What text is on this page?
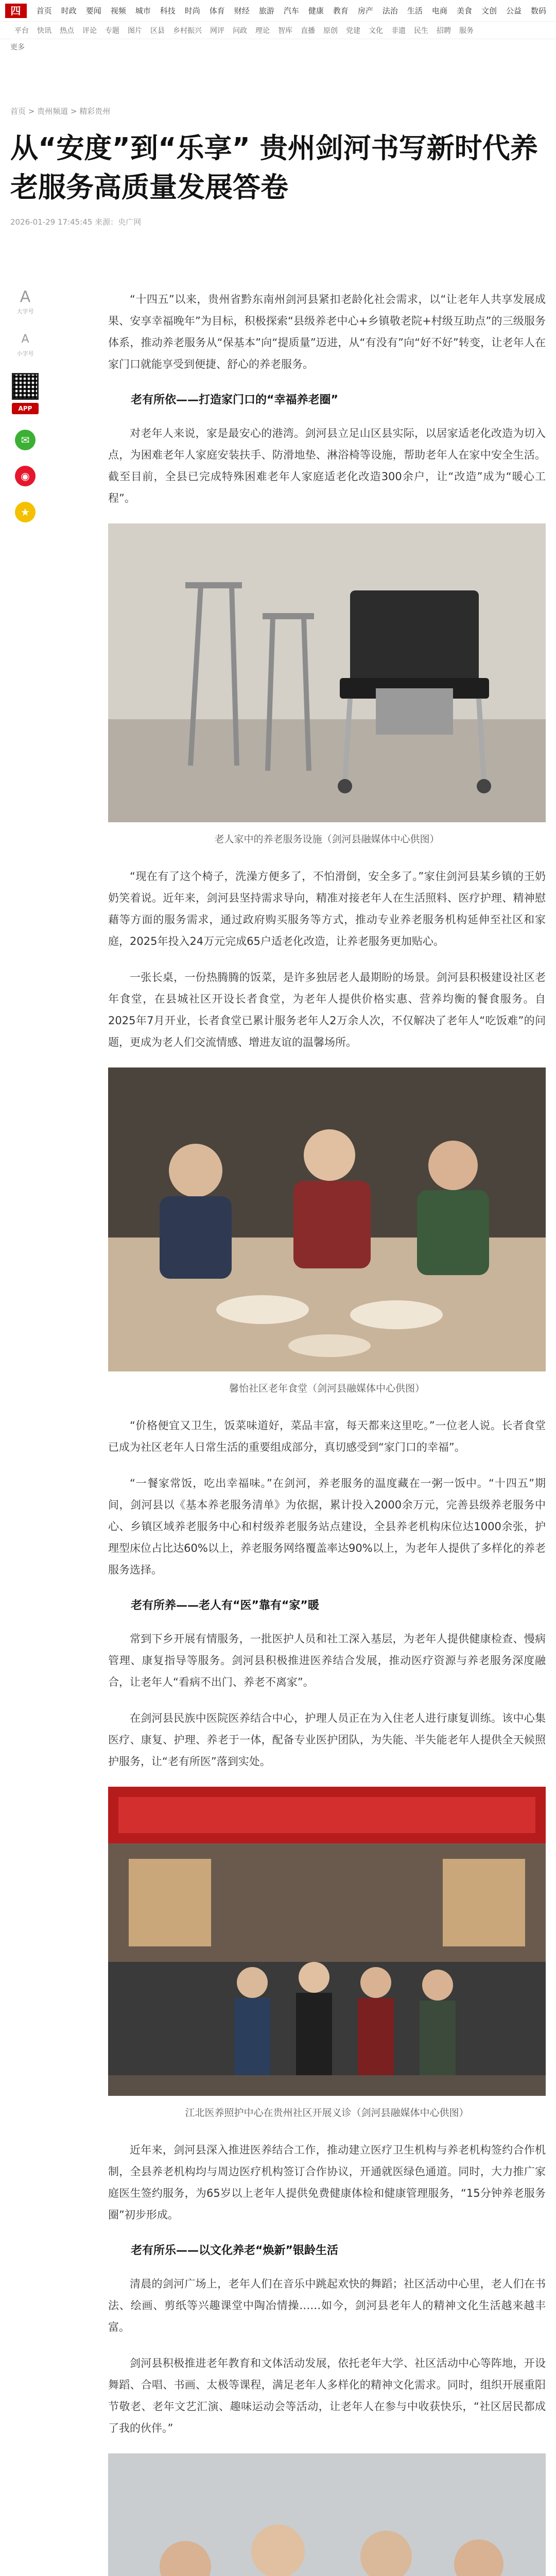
四川网
首页	时政	要闻	视频	城市	科技	时尚	体育	财经	旅游	汽车	健康	教育	房产	法治	生活	电商	美食	文创	公益	数码
平台	快讯	热点	评论	专题	图片	区县	乡村振兴	网评	问政	理论	智库	直播	原创	党建	文化	非遗	民生	招聘	服务
更多
首页 > 贵州频道 > 精彩贵州
从“安度”到“乐享” 贵州剑河书写新时代养老服务高质量发展答卷
2026-01-29 17:45:45 来源：央广网
A
大字号
A
小字号
APP
✉
◉
★

“十四五”以来，贵州省黔东南州剑河县紧扣老龄化社会需求，以“让老年人共享发展成果、安享幸福晚年”为目标，积极探索“县级养老中心+乡镇敬老院+村级互助点”的三级服务体系，推动养老服务从“保基本”向“提质量”迈进，从“有没有”向“好不好”转变，让老年人在家门口就能享受到便捷、舒心的养老服务。

老有所依——打造家门口的“幸福养老圈”

对老年人来说，家是最安心的港湾。剑河县立足山区县实际，以居家适老化改造为切入点，为困难老年人家庭安装扶手、防滑地垫、淋浴椅等设施，帮助老年人在家中安全生活。截至目前，全县已完成特殊困难老年人家庭适老化改造300余户，让“改造”成为“暖心工程”。

老人家中的养老服务设施（剑河县融媒体中心供图）

“现在有了这个椅子，洗澡方便多了，不怕滑倒，安全多了。”家住剑河县某乡镇的王奶奶笑着说。近年来，剑河县坚持需求导向，精准对接老年人在生活照料、医疗护理、精神慰藉等方面的服务需求，通过政府购买服务等方式，推动专业养老服务机构延伸至社区和家庭，2025年投入24万元完成65户适老化改造，让养老服务更加贴心。

一张长桌，一份热腾腾的饭菜，是许多独居老人最期盼的场景。剑河县积极建设社区老年食堂，在县城社区开设长者食堂，为老年人提供价格实惠、营养均衡的餐食服务。自2025年7月开业，长者食堂已累计服务老年人2万余人次，不仅解决了老年人“吃饭难”的问题，更成为老人们交流情感、增进友谊的温馨场所。

馨怡社区老年食堂（剑河县融媒体中心供图）

“价格便宜又卫生，饭菜味道好，菜品丰富，每天都来这里吃。”一位老人说。长者食堂已成为社区老年人日常生活的重要组成部分，真切感受到“家门口的幸福”。

“一餐家常饭，吃出幸福味。”在剑河，养老服务的温度藏在一粥一饭中。“十四五”期间，剑河县以《基本养老服务清单》为依据，累计投入2000余万元，完善县级养老服务中心、乡镇区域养老服务中心和村级养老服务站点建设，全县养老机构床位达1000余张，护理型床位占比达60%以上，养老服务网络覆盖率达90%以上，为老年人提供了多样化的养老服务选择。

老有所养——老人有“医”靠有“家”暖

常到下乡开展有情服务，一批医护人员和社工深入基层，为老年人提供健康检查、慢病管理、康复指导等服务。剑河县积极推进医养结合发展，推动医疗资源与养老服务深度融合，让老年人“看病不出门、养老不离家”。

在剑河县民族中医院医养结合中心，护理人员正在为入住老人进行康复训练。该中心集医疗、康复、护理、养老于一体，配备专业医护团队，为失能、半失能老年人提供全天候照护服务，让“老有所医”落到实处。

江北医养照护中心在贵州社区开展义诊（剑河县融媒体中心供图）

近年来，剑河县深入推进医养结合工作，推动建立医疗卫生机构与养老机构签约合作机制，全县养老机构均与周边医疗机构签订合作协议，开通就医绿色通道。同时，大力推广家庭医生签约服务，为65岁以上老年人提供免费健康体检和健康管理服务，“15分钟养老服务圈”初步形成。

老有所乐——以文化养老“焕新”银龄生活

清晨的剑河广场上，老年人们在音乐中跳起欢快的舞蹈；社区活动中心里，老人们在书法、绘画、剪纸等兴趣课堂中陶冶情操……如今，剑河县老年人的精神文化生活越来越丰富。

剑河县积极推进老年教育和文体活动发展，依托老年大学、社区活动中心等阵地，开设舞蹈、合唱、书画、太极等课程，满足老年人多样化的精神文化需求。同时，组织开展重阳节敬老、老年文艺汇演、趣味运动会等活动，让老年人在参与中收获快乐，“社区居民都成了我的伙伴。”
